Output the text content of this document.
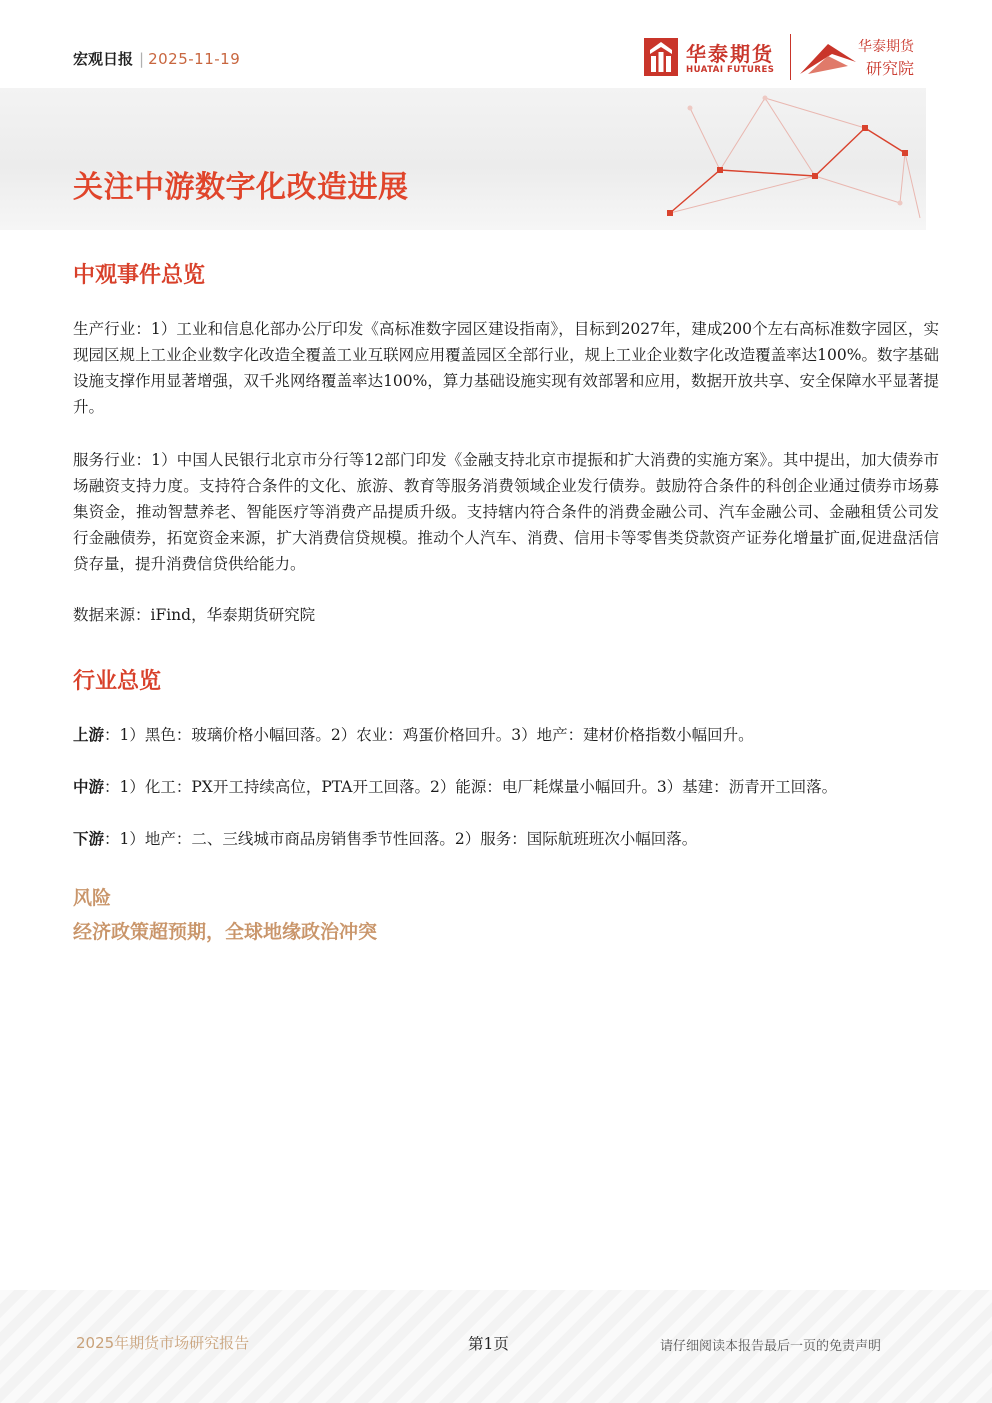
宏观日报 | 2025-11-19	华泰期货
HUATAI FUTURES
华泰期货
研究院
关注中游数字化改造进展
中观事件总览

生产行业：1）工业和信息化部办公厅印发《高标准数字园区建设指南》，目标到2027年，建成200个左右高标准数字园区，实现园区规上工业企业数字化改造全覆盖工业互联网应用覆盖园区全部行业，规上工业企业数字化改造覆盖率达100%。数字基础设施支撑作用显著增强，双千兆网络覆盖率达100%，算力基础设施实现有效部署和应用，数据开放共享、安全保障水平显著提升。

服务行业：1）中国人民银行北京市分行等12部门印发《金融支持北京市提振和扩大消费的实施方案》。其中提出，加大债券市场融资支持力度。支持符合条件的文化、旅游、教育等服务消费领域企业发行债券。鼓励符合条件的科创企业通过债券市场募集资金，推动智慧养老、智能医疗等消费产品提质升级。支持辖内符合条件的消费金融公司、汽车金融公司、金融租赁公司发行金融债券，拓宽资金来源，扩大消费信贷规模。推动个人汽车、消费、信用卡等零售类贷款资产证券化增量扩面,促进盘活信贷存量，提升消费信贷供给能力。

数据来源：iFind，华泰期货研究院
行业总览

上游：1）黑色：玻璃价格小幅回落。2）农业：鸡蛋价格回升。3）地产：建材价格指数小幅回升。

中游：1）化工：PX开工持续高位，PTA开工回落。2）能源：电厂耗煤量小幅回升。3）基建：沥青开工回落。

下游：1）地产：二、三线城市商品房销售季节性回落。2）服务：国际航班班次小幅回落。

风险

经济政策超预期，全球地缘政治冲突

2025年期货市场研究报告	第1页	请仔细阅读本报告最后一页的免责声明
